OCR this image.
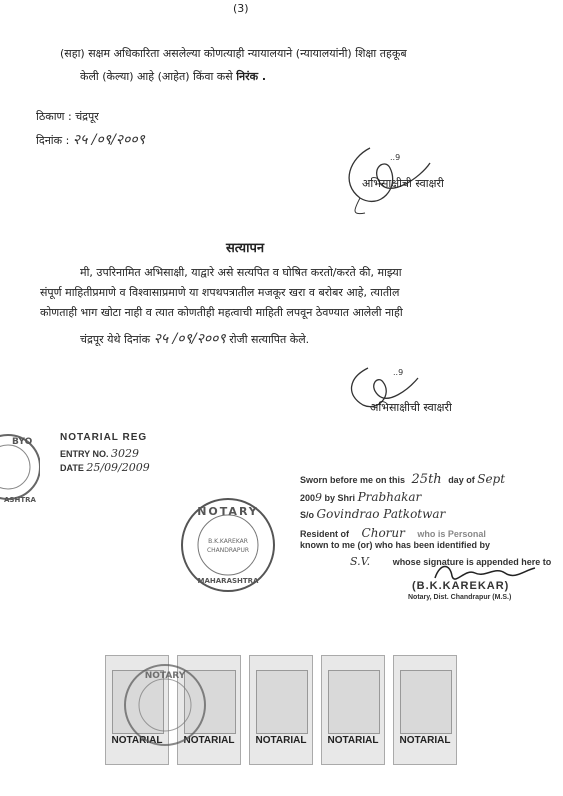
(3)
(सहा) सक्षम अधिकारिता असलेल्या कोणत्याही न्यायालयाने (न्यायालयांनी) शिक्षा तहकूब
केली (केल्या) आहे (आहेत) किंवा कसे निरंक .
ठिकाण : चंद्रपूर
दिनांक : २५ /०९/२००९
..9
अभिसाक्षीची स्वाक्षरी
सत्यापन
मी, उपरिनामित अभिसाक्षी, याद्वारे असे सत्यपित व घोषित करतो/करते की, माझ्या
संपूर्ण माहितीप्रमाणे व विश्वासाप्रमाणे या शपथपत्रातील मजकूर खरा व बरोबर आहे, त्यातील
कोणताही भाग खोटा नाही व त्यात कोणतीही महत्वाची माहिती लपवून ठेवण्यात आलेली नाही
चंद्रपूर येथे दिनांक २५ /०९/२००९ रोजी सत्यापित केले.
..9
अभिसाक्षीची स्वाक्षरी
BYO
ASHTRA
NOTARIAL REG
ENTRY NO. 3029
DATE 25/09/2009
Sworn before me on this 25th day of Sept
2009 by Shri Prabhakar
S/o Govindrao Patkotwar
Resident of Chorur who is Personal
known to me (or) who has been identified by
S.V.	whose signature is appended here to
(B.K.KAREKAR)
Notary, Dist. Chandrapur (M.S.)
NOTARY
B.K.KAREKAR
CHANDRAPUR
MAHARASHTRA
NOTARIAL	NOTARIAL	NOTARIAL	NOTARIAL	NOTARIAL
NOTARY
